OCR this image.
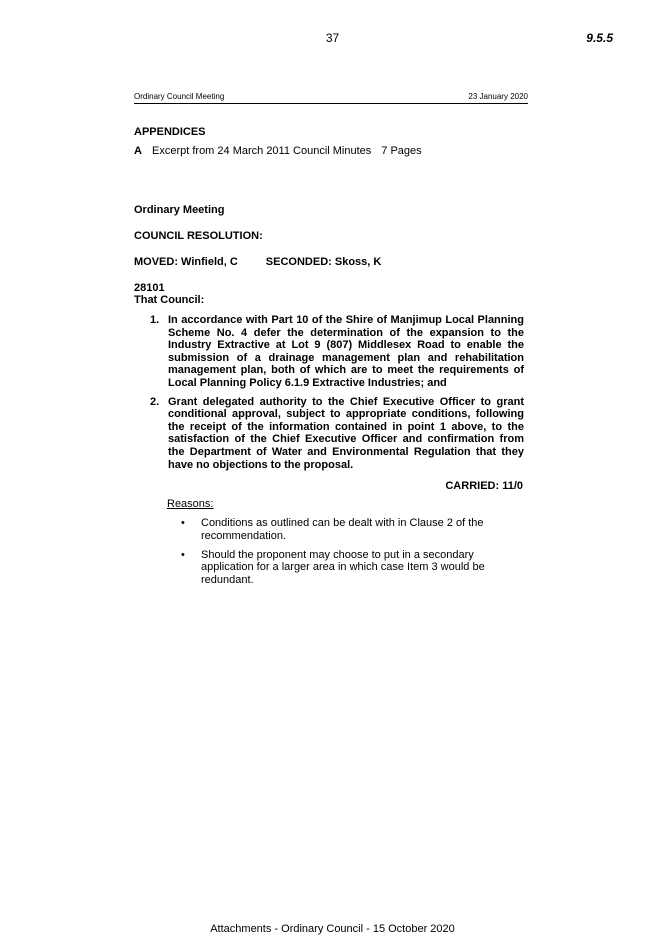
37	9.5.5
Ordinary Council Meeting	23 January 2020
APPENDICES
A Excerpt from 24 March 2011 Council Minutes 7 Pages
Ordinary Meeting
COUNCIL RESOLUTION:
MOVED: Winfield, C	SECONDED: Skoss, K
28101
That Council:
1. In accordance with Part 10 of the Shire of Manjimup Local Planning Scheme No. 4 defer the determination of the expansion to the Industry Extractive at Lot 9 (807) Middlesex Road to enable the submission of a drainage management plan and rehabilitation management plan, both of which are to meet the requirements of Local Planning Policy 6.1.9 Extractive Industries; and
2. Grant delegated authority to the Chief Executive Officer to grant conditional approval, subject to appropriate conditions, following the receipt of the information contained in point 1 above, to the satisfaction of the Chief Executive Officer and confirmation from the Department of Water and Environmental Regulation that they have no objections to the proposal.
CARRIED: 11/0
Reasons:
• Conditions as outlined can be dealt with in Clause 2 of the recommendation.
• Should the proponent may choose to put in a secondary application for a larger area in which case Item 3 would be redundant.
Attachments - Ordinary Council - 15 October 2020
